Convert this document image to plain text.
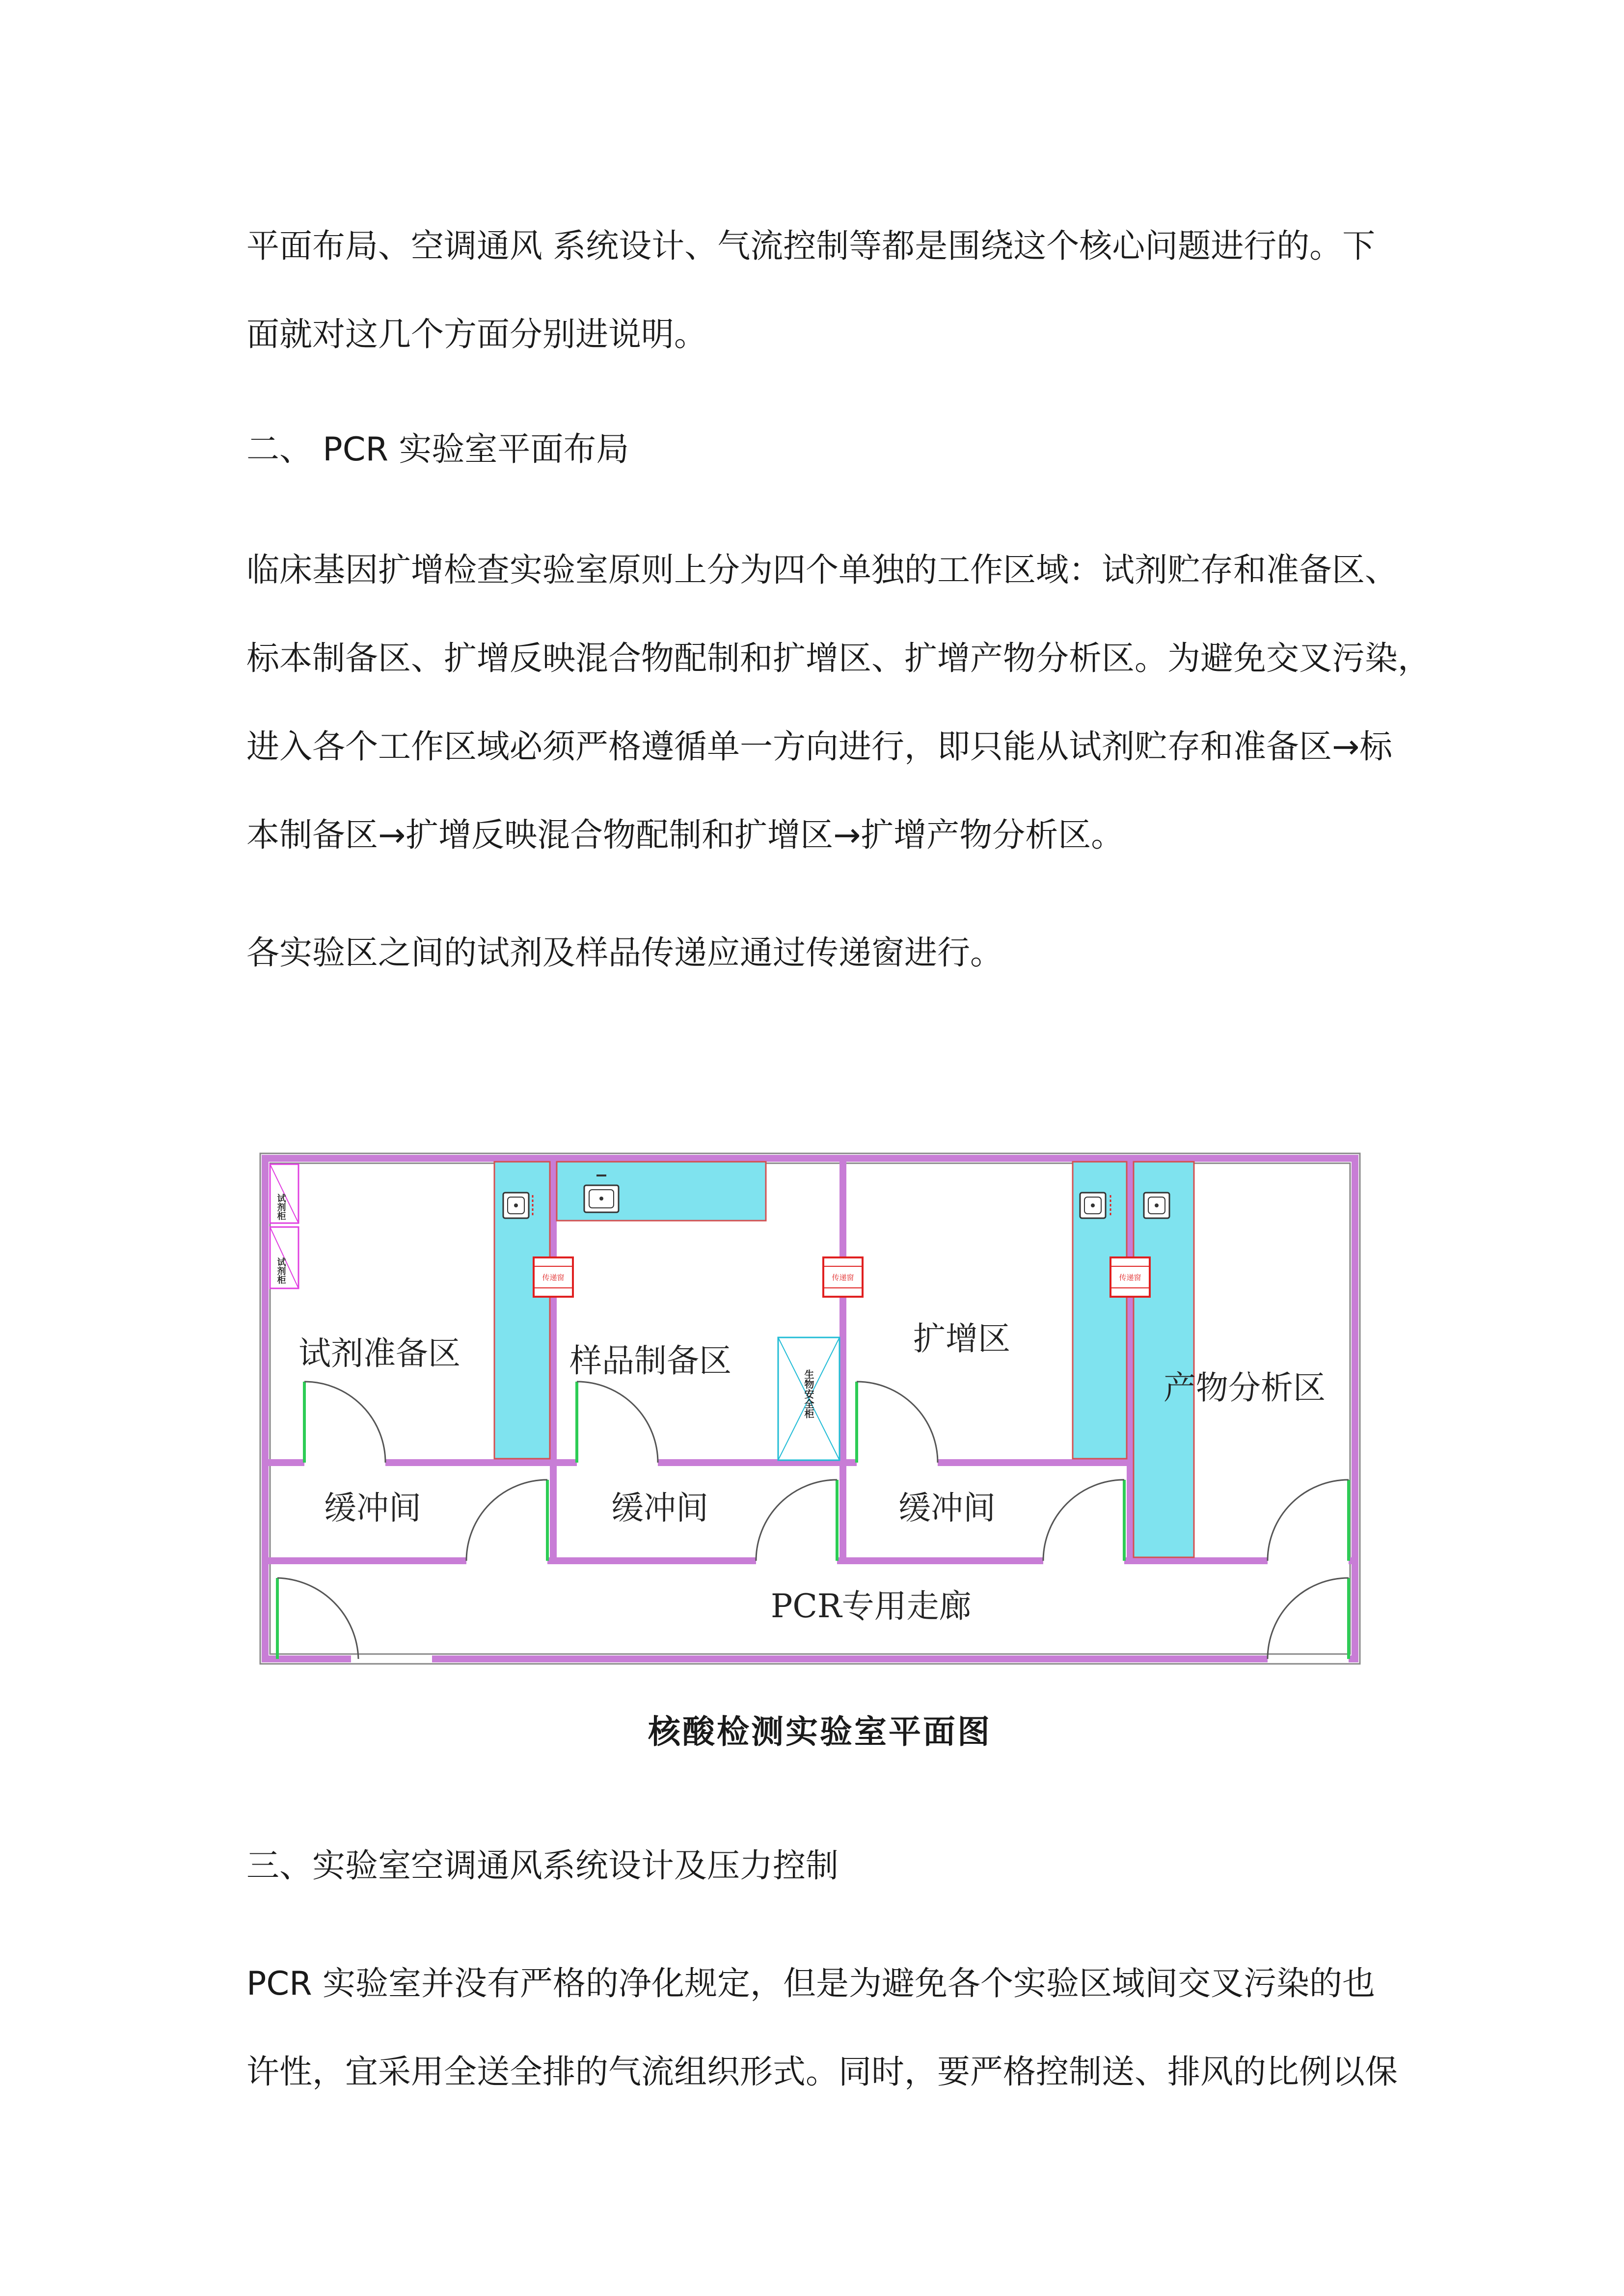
平面布局、空调通风 系统设计、气流控制等都是围绕这个核心问题进行的。下
面就对这几个方面分别进说明。
二、 PCR 实验室平面布局
临床基因扩增检查实验室原则上分为四个单独的工作区域：试剂贮存和准备区、
标本制备区、扩增反映混合物配制和扩增区、扩增产物分析区。为避免交叉污染，
进入各个工作区域必须严格遵循单一方向进行，即只能从试剂贮存和准备区→标
本制备区→扩增反映混合物配制和扩增区→扩增产物分析区。
各实验区之间的试剂及样品传递应通过传递窗进行。
试剂柜
试剂柜	传递窗	传递窗	传递窗
生物安全柜
试剂准备区	样品制备区
扩增区
产物分析区
缓冲间	缓冲间	缓冲间
PCR专用走廊
核酸检测实验室平面图
三、实验室空调通风系统设计及压力控制
PCR 实验室并没有严格的净化规定，但是为避免各个实验区域间交叉污染的也
许性，宜采用全送全排的气流组织形式。同时，要严格控制送、排风的比例以保
